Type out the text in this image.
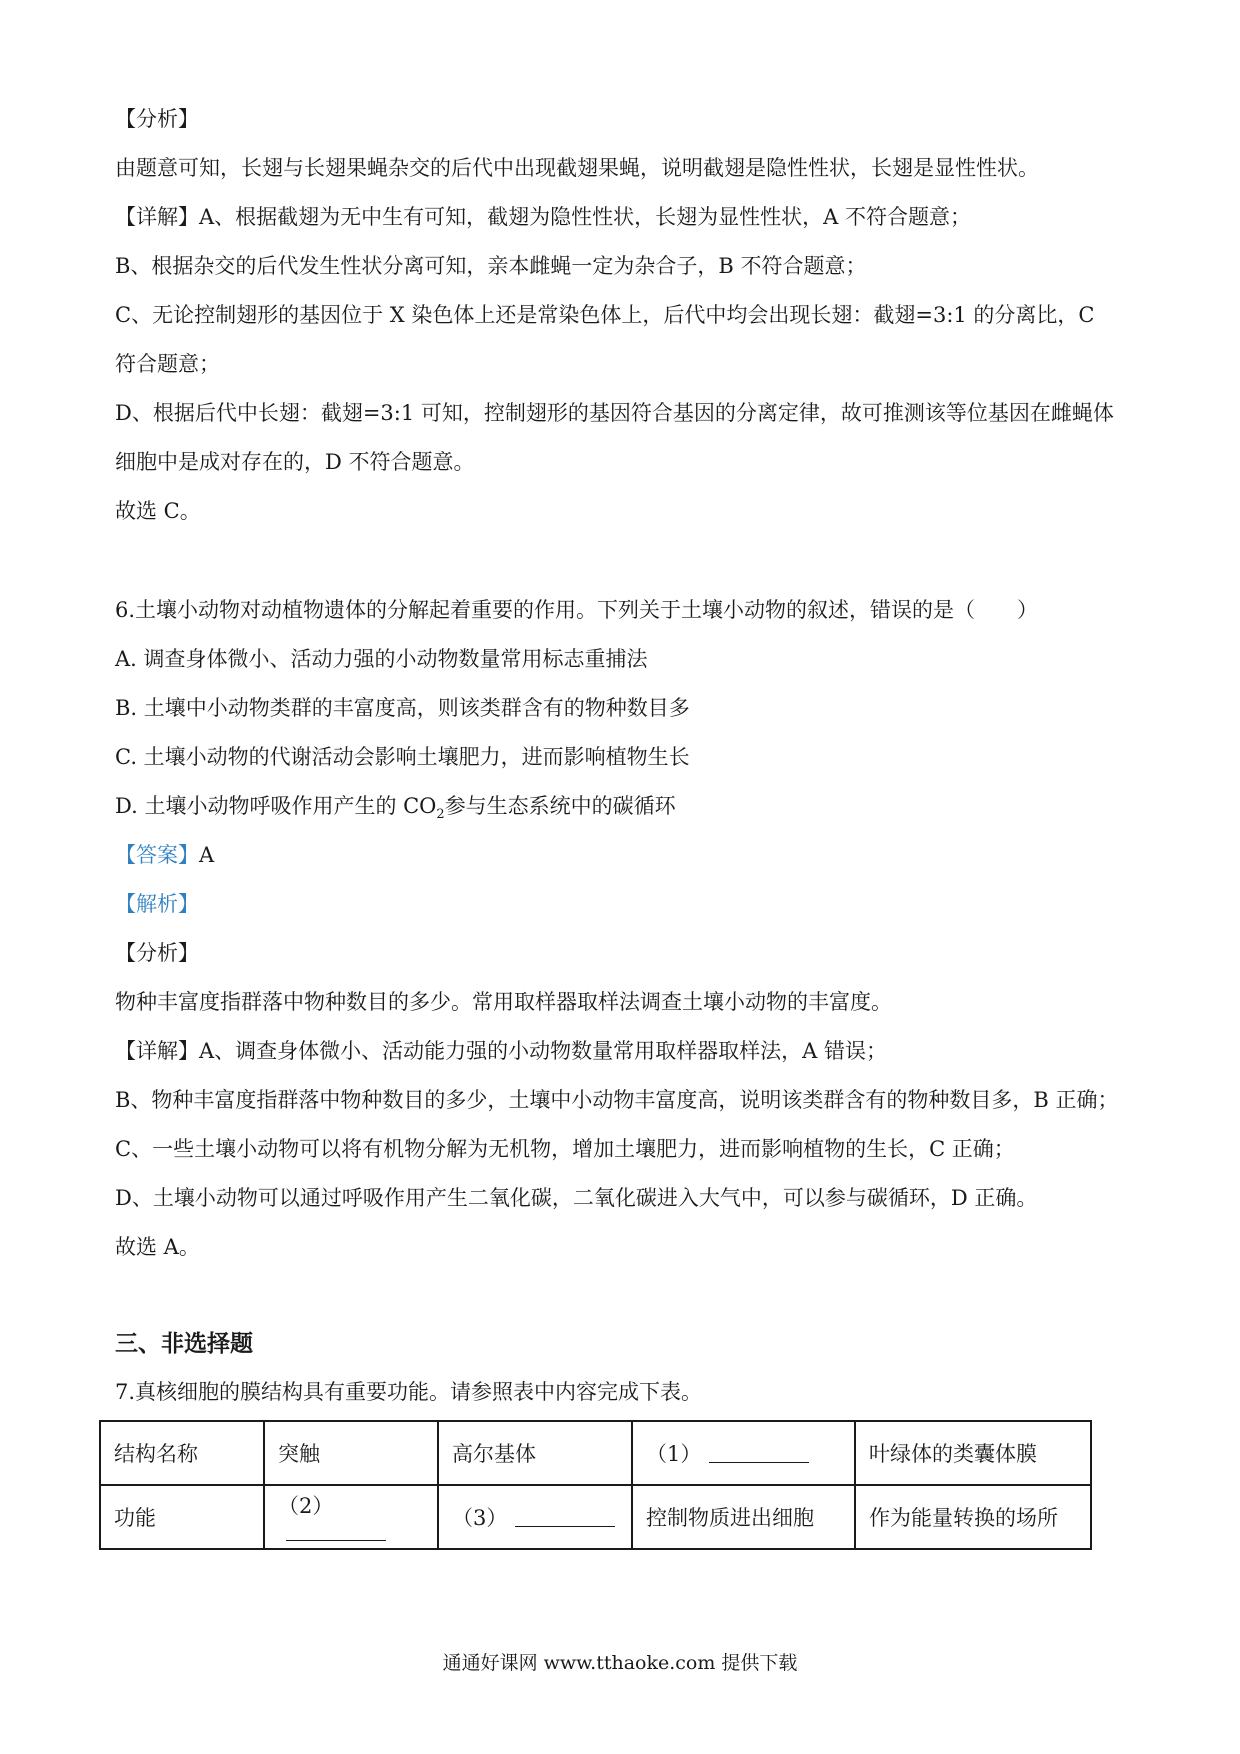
【分析】

由题意可知，长翅与长翅果蝇杂交的后代中出现截翅果蝇，说明截翅是隐性性状，长翅是显性性状。

【详解】A、根据截翅为无中生有可知，截翅为隐性性状，长翅为显性性状，A 不符合题意；

B、根据杂交的后代发生性状分离可知，亲本雌蝇一定为杂合子，B 不符合题意；

C、无论控制翅形的基因位于 X 染色体上还是常染色体上，后代中均会出现长翅：截翅=3:1 的分离比，C

符合题意；

D、根据后代中长翅：截翅=3:1 可知，控制翅形的基因符合基因的分离定律，故可推测该等位基因在雌蝇体

细胞中是成对存在的，D 不符合题意。

故选 C。

6.土壤小动物对动植物遗体的分解起着重要的作用。下列关于土壤小动物的叙述，错误的是（　　）

A. 调查身体微小、活动力强的小动物数量常用标志重捕法

B. 土壤中小动物类群的丰富度高，则该类群含有的物种数目多

C. 土壤小动物的代谢活动会影响土壤肥力，进而影响植物生长

D. 土壤小动物呼吸作用产生的 $CO_2$参与生态系统中的碳循环

【答案】A

【解析】

【分析】

物种丰富度指群落中物种数目的多少。常用取样器取样法调查土壤小动物的丰富度。

【详解】A、调查身体微小、活动能力强的小动物数量常用取样器取样法，A 错误；

B、物种丰富度指群落中物种数目的多少，土壤中小动物丰富度高，说明该类群含有的物种数目多，B 正确；

C、一些土壤小动物可以将有机物分解为无机物，增加土壤肥力，进而影响植物的生长，C 正确；

D、土壤小动物可以通过呼吸作用产生二氧化碳，二氧化碳进入大气中，可以参与碳循环，D 正确。

故选 A。

三、非选择题

7.真核细胞的膜结构具有重要功能。请参照表中内容完成下表。

结构名称	突触	高尔基体	（1）	叶绿体的类囊体膜
功能	（2）	（3）	控制物质进出细胞	作为能量转换的场所
通通好课网 www.tthaoke.com 提供下载
